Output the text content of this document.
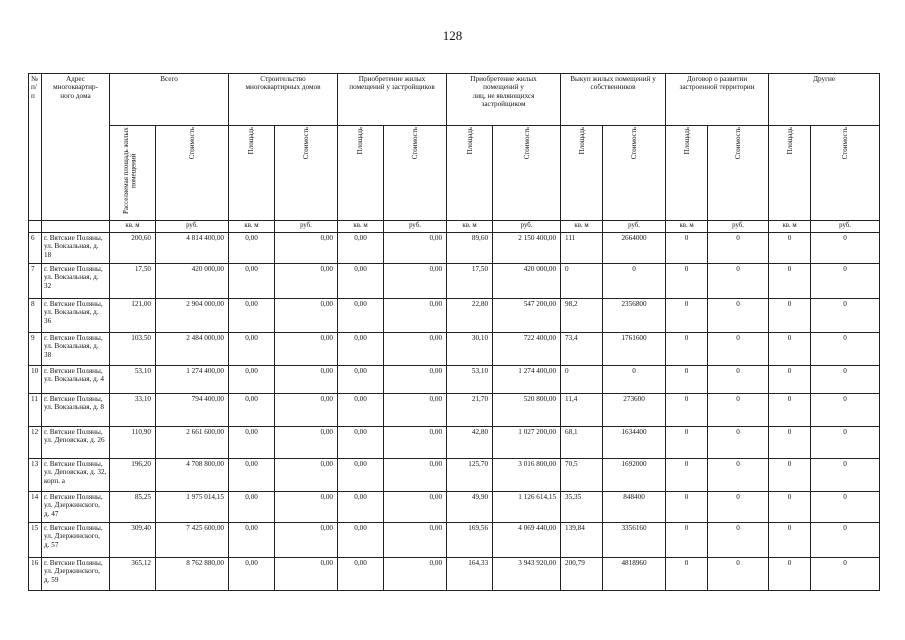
128
№
п/п	Адрес
многоквартир-
ного дома	Всего		Строительство
многоквартирных домов		Приобретение жилых
помещений у застройщиков		Приобретение жилых
помещений у
лиц, не являющихся
застройщиком		Выкуп жилых помещений у
собственников		Договор о развитии
застроенной территории		Другие	
		Расселяемая площадь жилых помещений	Стоимость	Площадь	Стоимость	Площадь	Стоимость	Площадь	Стоимость	Площадь	Стоимость	Площадь	Стоимость	Площадь	Стоимость
		кв. м	руб.	кв. м	руб.	кв. м	руб.	кв. м	руб.	кв. м	руб.	кв. м	руб.	кв. м	руб.
6	г. Вятские Поляны, ул. Вокзальная, д. 18	200,60	4 814 400,00	0,00	0,00	0,00	0,00	89,60	2 150 400,00	111	2664000	0	0	0	0
7	г. Вятские Поляны, ул. Вокзальная, д. 32	17,50	420 000,00	0,00	0,00	0,00	0,00	17,50	420 000,00	0	0	0	0	0	0
8	г. Вятские Поляны, ул. Вокзальная, д. 36	121,00	2 904 000,00	0,00	0,00	0,00	0,00	22,80	547 200,00	98,2	2356800	0	0	0	0
9	г. Вятские Поляны, ул. Вокзальная, д. 38	103,50	2 484 000,00	0,00	0,00	0,00	0,00	30,10	722 400,00	73,4	1761600	0	0	0	0
10	г. Вятские Поляны, ул. Вокзальная, д. 4	53,10	1 274 400,00	0,00	0,00	0,00	0,00	53,10	1 274 400,00	0	0	0	0	0	0
11	г. Вятские Поляны, ул. Вокзальная, д. 8	33,10	794 400,00	0,00	0,00	0,00	0,00	21,70	520 800,00	11,4	273600	0	0	0	0
12	г. Вятские Поляны, ул. Деповская, д. 26	110,90	2 661 600,00	0,00	0,00	0,00	0,00	42,80	1 027 200,00	68,1	1634400	0	0	0	0
13	г. Вятские Поляны, ул. Деповская, д. 32, корп. а	196,20	4 708 800,00	0,00	0,00	0,00	0,00	125,70	3 016 800,00	70,5	1692000	0	0	0	0
14	г. Вятские Поляны, ул. Дзержинского, д. 47	85,25	1 975 014,15	0,00	0,00	0,00	0,00	49,90	1 126 614,15	35,35	848400	0	0	0	0
15	г. Вятские Поляны, ул. Дзержинского, д. 57	309,40	7 425 600,00	0,00	0,00	0,00	0,00	169,56	4 069 440,00	139,84	3356160	0	0	0	0
16	г. Вятские Поляны, ул. Дзержинского, д. 59	365,12	8 762 880,00	0,00	0,00	0,00	0,00	164,33	3 943 920,00	200,79	4818960	0	0	0	0
